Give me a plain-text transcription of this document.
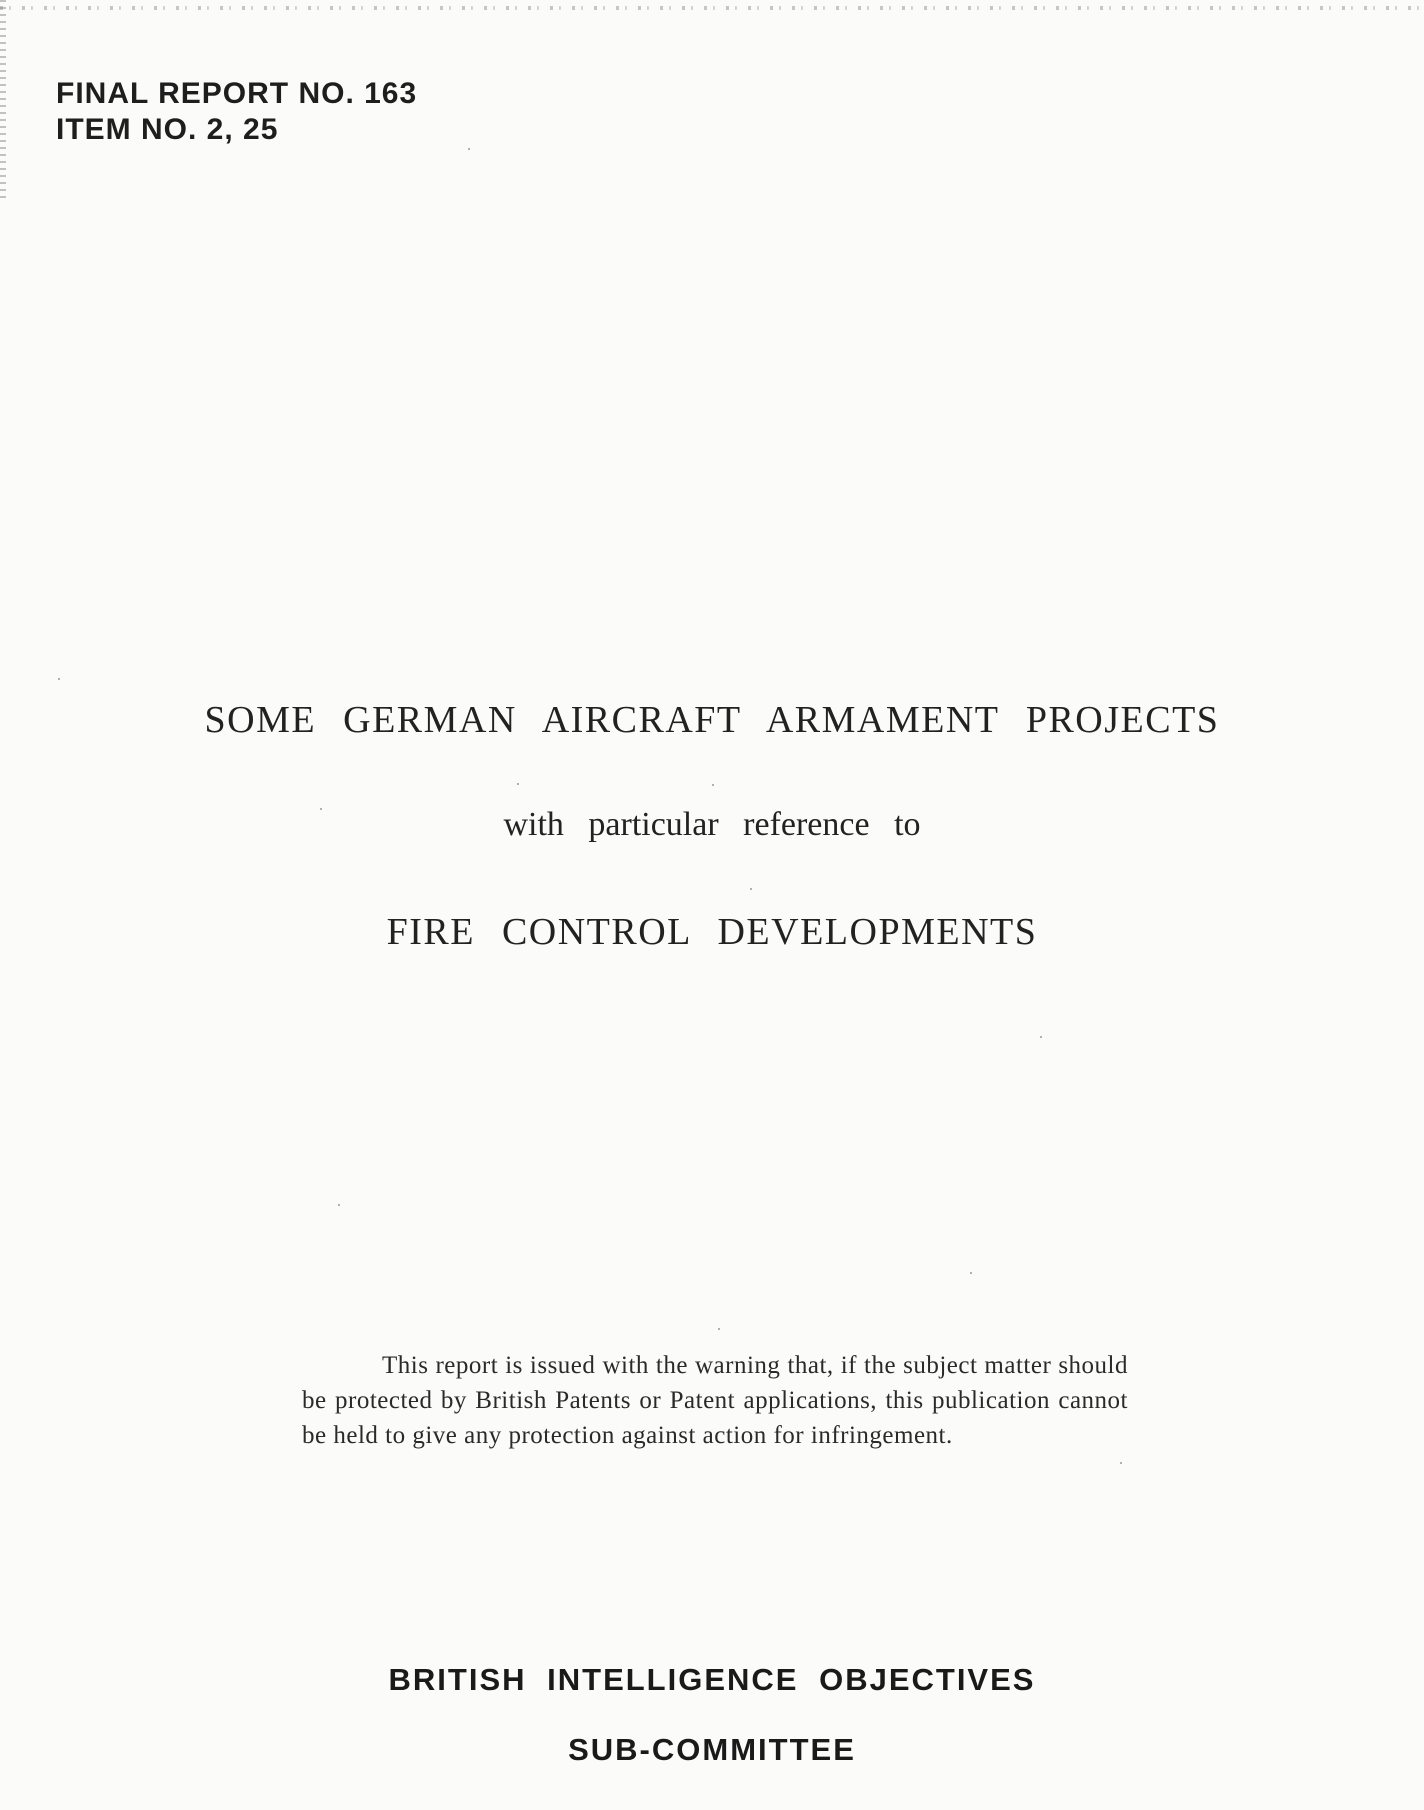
FINAL REPORT NO. 163
ITEM NO. 2, 25
SOME GERMAN AIRCRAFT ARMAMENT PROJECTS
with particular reference to
FIRE CONTROL DEVELOPMENTS
This report is issued with the warning that, if the subject matter should be protected by British Patents or Patent applications, this publication cannot be held to give any protection against action for infringement.
BRITISH INTELLIGENCE OBJECTIVES
SUB-COMMITTEE
